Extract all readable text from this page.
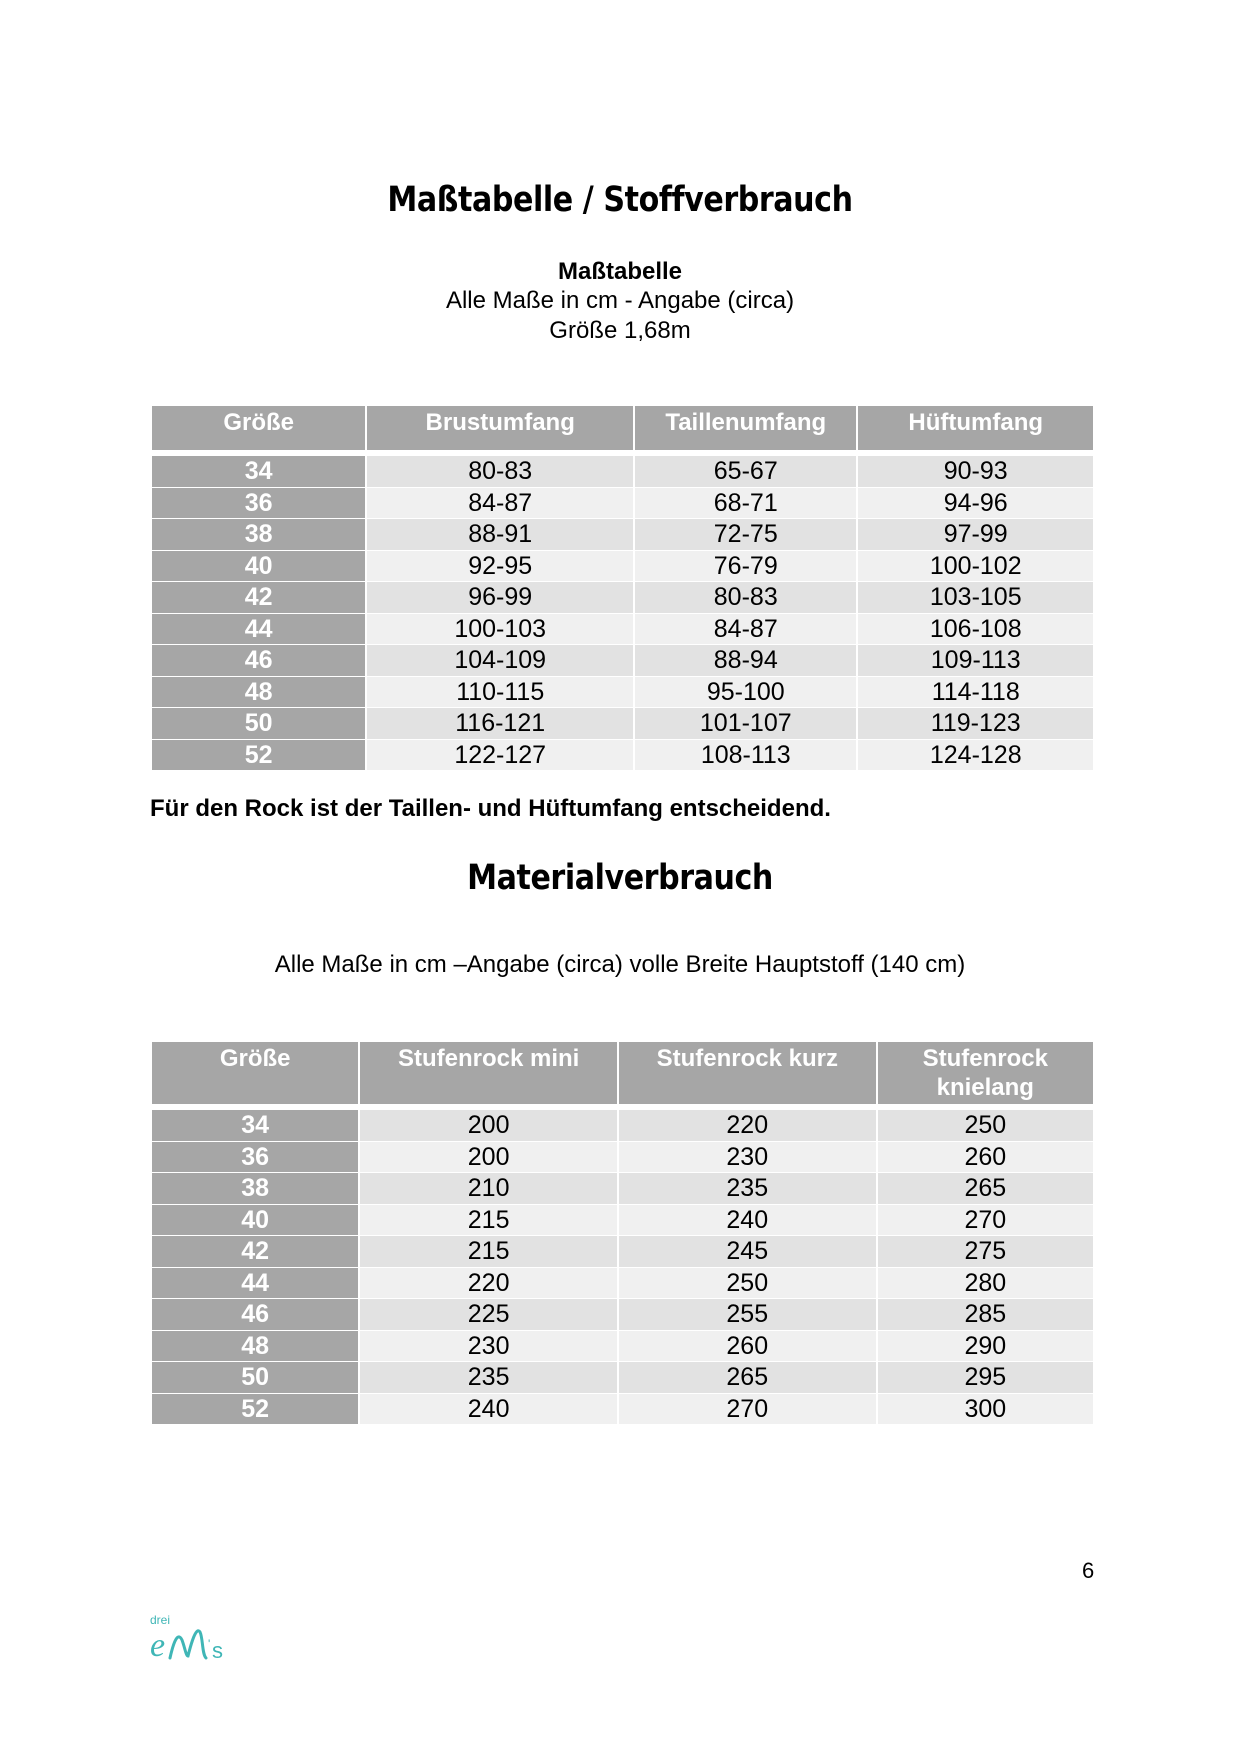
Maßtabelle / Stoffverbrauch
Maßtabelle
Alle Maße in cm - Angabe (circa)
Größe 1,68m
Größe	Brustumfang	Taillenumfang	Hüftumfang

34	80-83	65-67	90-93
36	84-87	68-71	94-96
38	88-91	72-75	97-99
40	92-95	76-79	100-102
42	96-99	80-83	103-105
44	100-103	84-87	106-108
46	104-109	88-94	109-113
48	110-115	95-100	114-118
50	116-121	101-107	119-123
52	122-127	108-113	124-128
Für den Rock ist der Taillen- und Hüftumfang entscheidend.
Materialverbrauch
Alle Maße in cm –Angabe (circa) volle Breite Hauptstoff (140 cm)
Größe	Stufenrock mini	Stufenrock kurz	Stufenrock knielang

34	200	220	250
36	200	230	260
38	210	235	265
40	215	240	270
42	215	245	275
44	220	250	280
46	225	255	285
48	230	260	290
50	235	265	295
52	240	270	300
6
drei
e	' s
